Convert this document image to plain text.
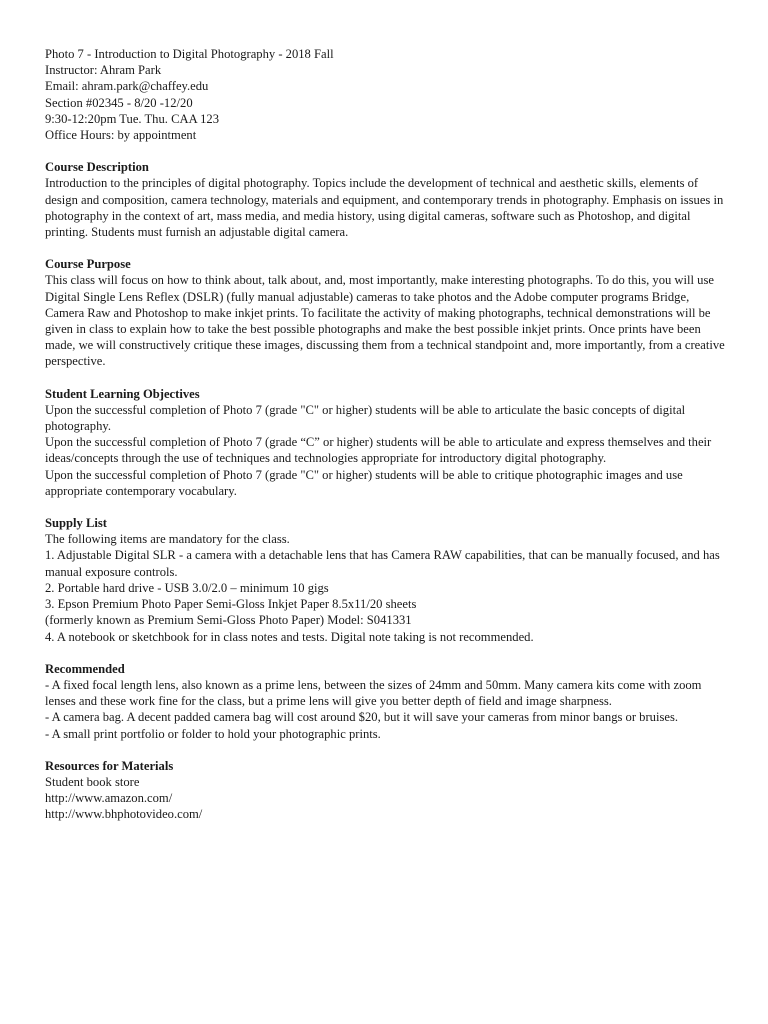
Photo 7 - Introduction to Digital Photography - 2018 Fall
Instructor: Ahram Park
Email: ahram.park@chaffey.edu
Section #02345 - 8/20 -12/20
9:30-12:20pm Tue. Thu. CAA 123
Office Hours: by appointment
Course Description

Introduction to the principles of digital photography. Topics include the development of technical and aesthetic skills, elements of design and composition, camera technology, materials and equipment, and contemporary trends in photography. Emphasis on issues in photography in the context of art, mass media, and media history, using digital cameras, software such as Photoshop, and digital printing. Students must furnish an adjustable digital camera.

Course Purpose

This class will focus on how to think about, talk about, and, most importantly, make interesting photographs. To do this, you will use Digital Single Lens Reflex (DSLR) (fully manual adjustable) cameras to take photos and the Adobe computer programs Bridge, Camera Raw and Photoshop to make inkjet prints. To facilitate the activity of making photographs, technical demonstrations will be given in class to explain how to take the best possible photographs and make the best possible inkjet prints. Once prints have been made, we will constructively critique these images, discussing them from a technical standpoint and, more importantly, from a creative perspective.

Student Learning Objectives

Upon the successful completion of Photo 7 (grade "C" or higher) students will be able to articulate the basic concepts of digital photography.

Upon the successful completion of Photo 7 (grade “C” or higher) students will be able to articulate and express themselves and their ideas/concepts through the use of techniques and technologies appropriate for introductory digital photography.

Upon the successful completion of Photo 7 (grade "C" or higher) students will be able to critique photographic images and use appropriate contemporary vocabulary.

Supply List

The following items are mandatory for the class.

1. Adjustable Digital SLR - a camera with a detachable lens that has Camera RAW capabilities, that can be manually focused, and has manual exposure controls.

2. Portable hard drive - USB 3.0/2.0 – minimum 10 gigs

3. Epson Premium Photo Paper Semi-Gloss Inkjet Paper 8.5x11/20 sheets

(formerly known as Premium Semi-Gloss Photo Paper) Model: S041331

4. A notebook or sketchbook for in class notes and tests. Digital note taking is not recommended.

Recommended

- A fixed focal length lens, also known as a prime lens, between the sizes of 24mm and 50mm. Many camera kits come with zoom lenses and these work fine for the class, but a prime lens will give you better depth of field and image sharpness.

- A camera bag. A decent padded camera bag will cost around $20, but it will save your cameras from minor bangs or bruises.

- A small print portfolio or folder to hold your photographic prints.

Resources for Materials
Student book store
http://www.amazon.com/
http://www.bhphotovideo.com/
